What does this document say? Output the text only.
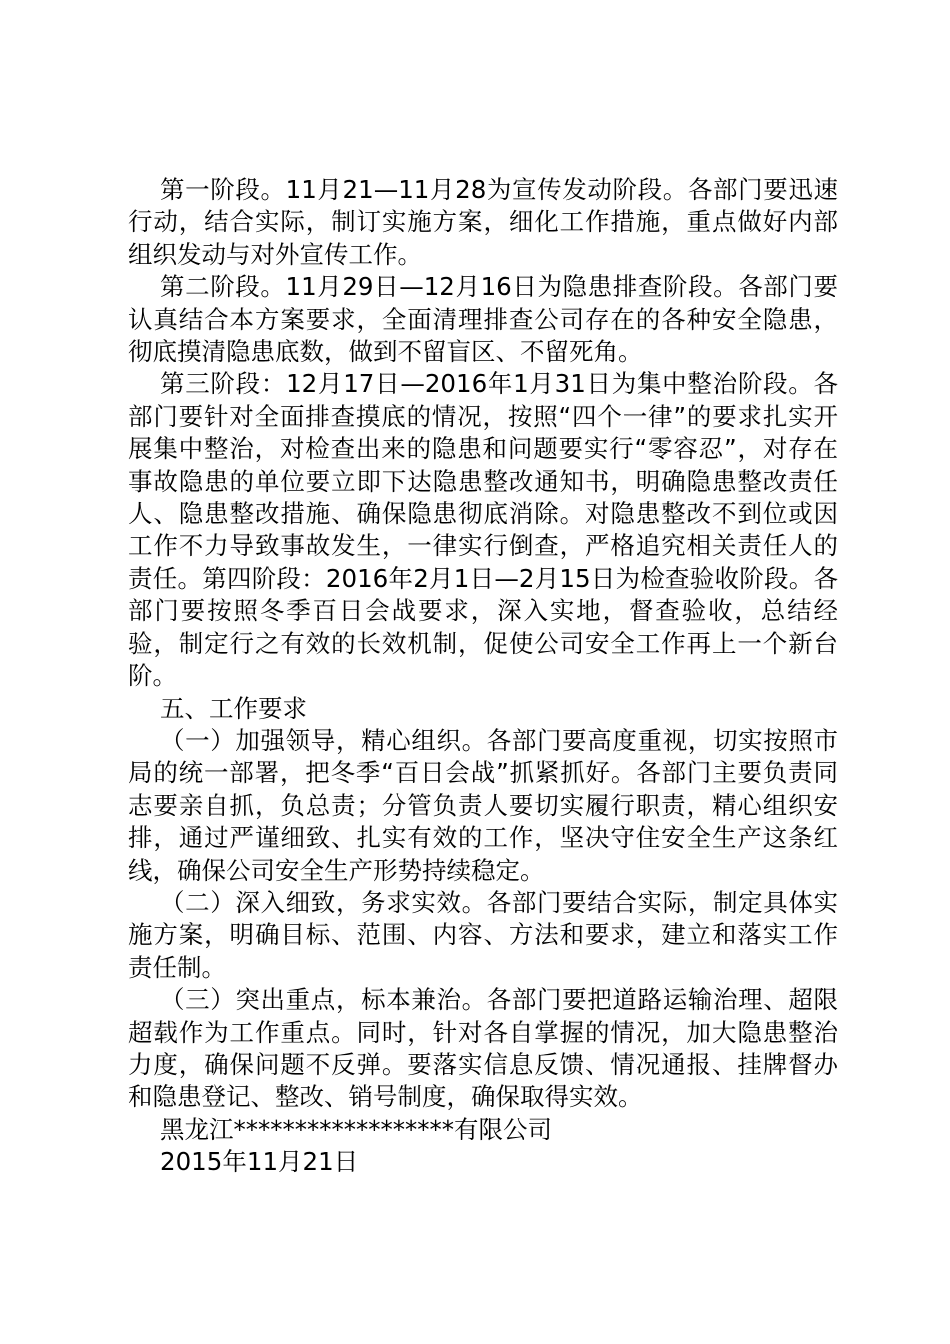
第一阶段。11月21—11月28为宣传发动阶段。各部门要迅速行动，结合实际，制订实施方案，细化工作措施，重点做好内部组织发动与对外宣传工作。

第二阶段。11月29日—12月16日为隐患排查阶段。各部门要认真结合本方案要求，全面清理排查公司存在的各种安全隐患，彻底摸清隐患底数，做到不留盲区、不留死角。

第三阶段：12月17日—2016年1月31日为集中整治阶段。各部门要针对全面排查摸底的情况，按照“四个一律”的要求扎实开展集中整治，对检查出来的隐患和问题要实行“零容忍”，对存在事故隐患的单位要立即下达隐患整改通知书，明确隐患整改责任人、隐患整改措施、确保隐患彻底消除。对隐患整改不到位或因工作不力导致事故发生，一律实行倒查，严格追究相关责任人的责任。第四阶段：2016年2月1日—2月15日为检查验收阶段。各部门要按照冬季百日会战要求，深入实地，督查验收，总结经验，制定行之有效的长效机制，促使公司安全工作再上一个新台阶。

五、工作要求

（一）加强领导，精心组织。各部门要高度重视，切实按照市局的统一部署，把冬季“百日会战”抓紧抓好。各部门主要负责同志要亲自抓，负总责；分管负责人要切实履行职责，精心组织安排，通过严谨细致、扎实有效的工作，坚决守住安全生产这条红线，确保公司安全生产形势持续稳定。

（二）深入细致，务求实效。各部门要结合实际，制定具体实施方案，明确目标、范围、内容、方法和要求，建立和落实工作责任制。

（三）突出重点，标本兼治。各部门要把道路运输治理、超限超载作为工作重点。同时，针对各自掌握的情况，加大隐患整治力度，确保问题不反弹。要落实信息反馈、情况通报、挂牌督办和隐患登记、整改、销号制度，确保取得实效。

黑龙江******************有限公司

2015年11月21日
